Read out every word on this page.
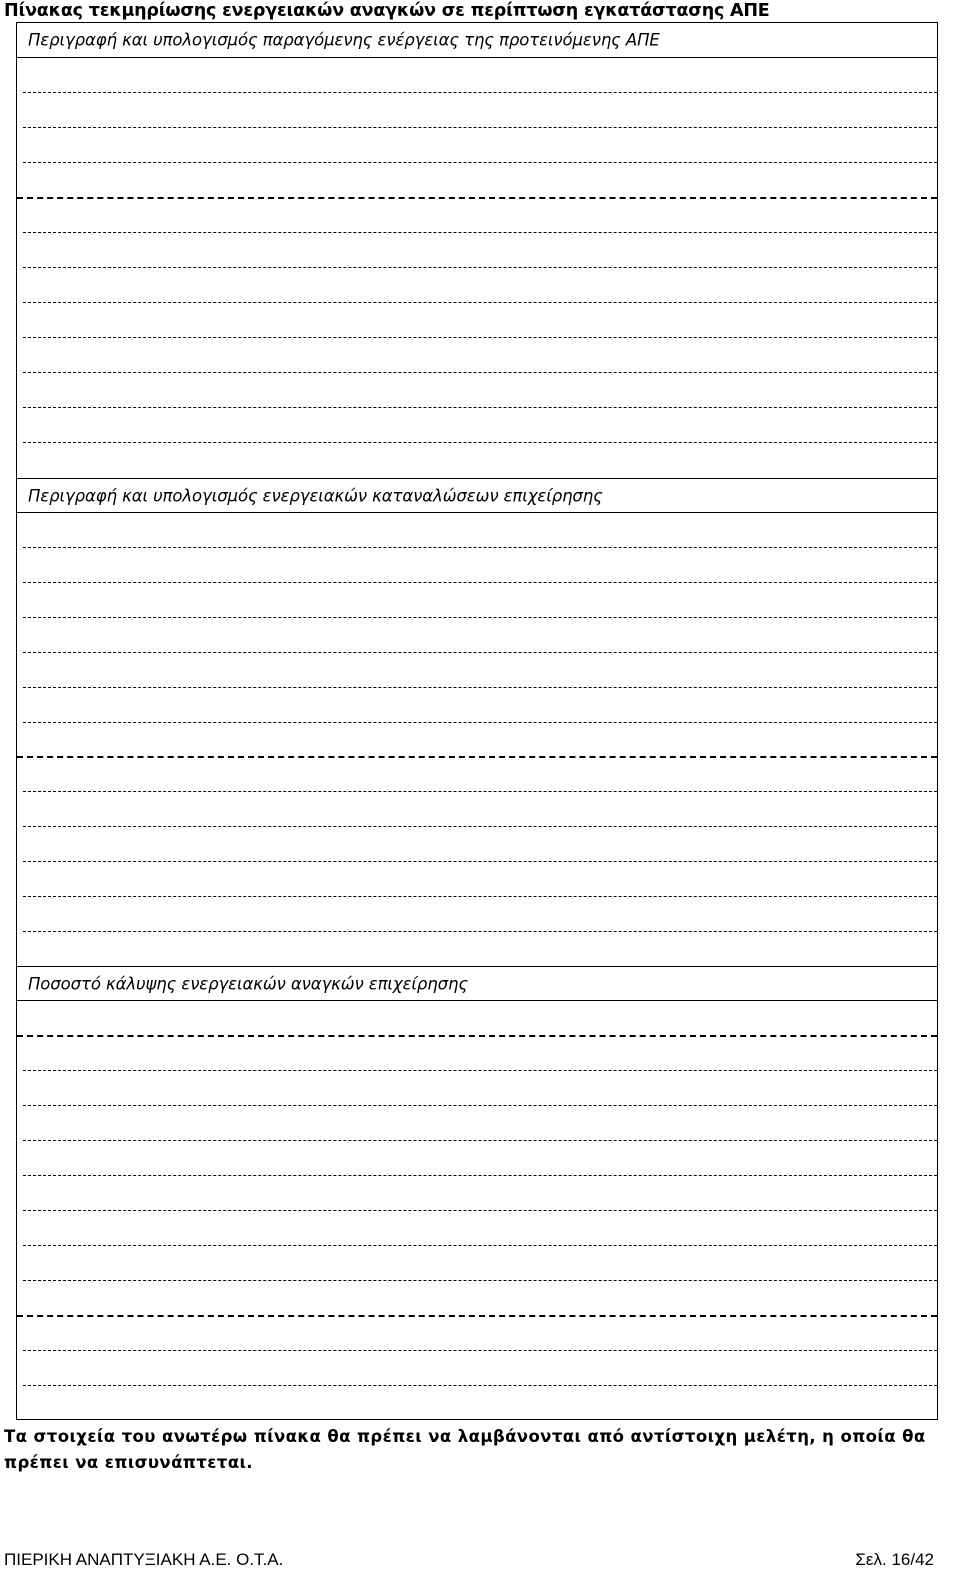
Πίνακας τεκμηρίωσης ενεργειακών αναγκών σε περίπτωση εγκατάστασης ΑΠΕ
Περιγραφή και υπολογισμός παραγόμενης ενέργειας της προτεινόμενης ΑΠΕ
Περιγραφή και υπολογισμός ενεργειακών καταναλώσεων επιχείρησης
Ποσοστό κάλυψης ενεργειακών αναγκών επιχείρησης
Τα στοιχεία του ανωτέρω πίνακα θα πρέπει να λαμβάνονται από αντίστοιχη μελέτη, η οποία θα πρέπει να επισυνάπτεται.
ΠΙΕΡΙΚΗ ΑΝΑΠΤΥΞΙΑΚΗ Α.Ε. Ο.Τ.Α.	Σελ. 16/42
